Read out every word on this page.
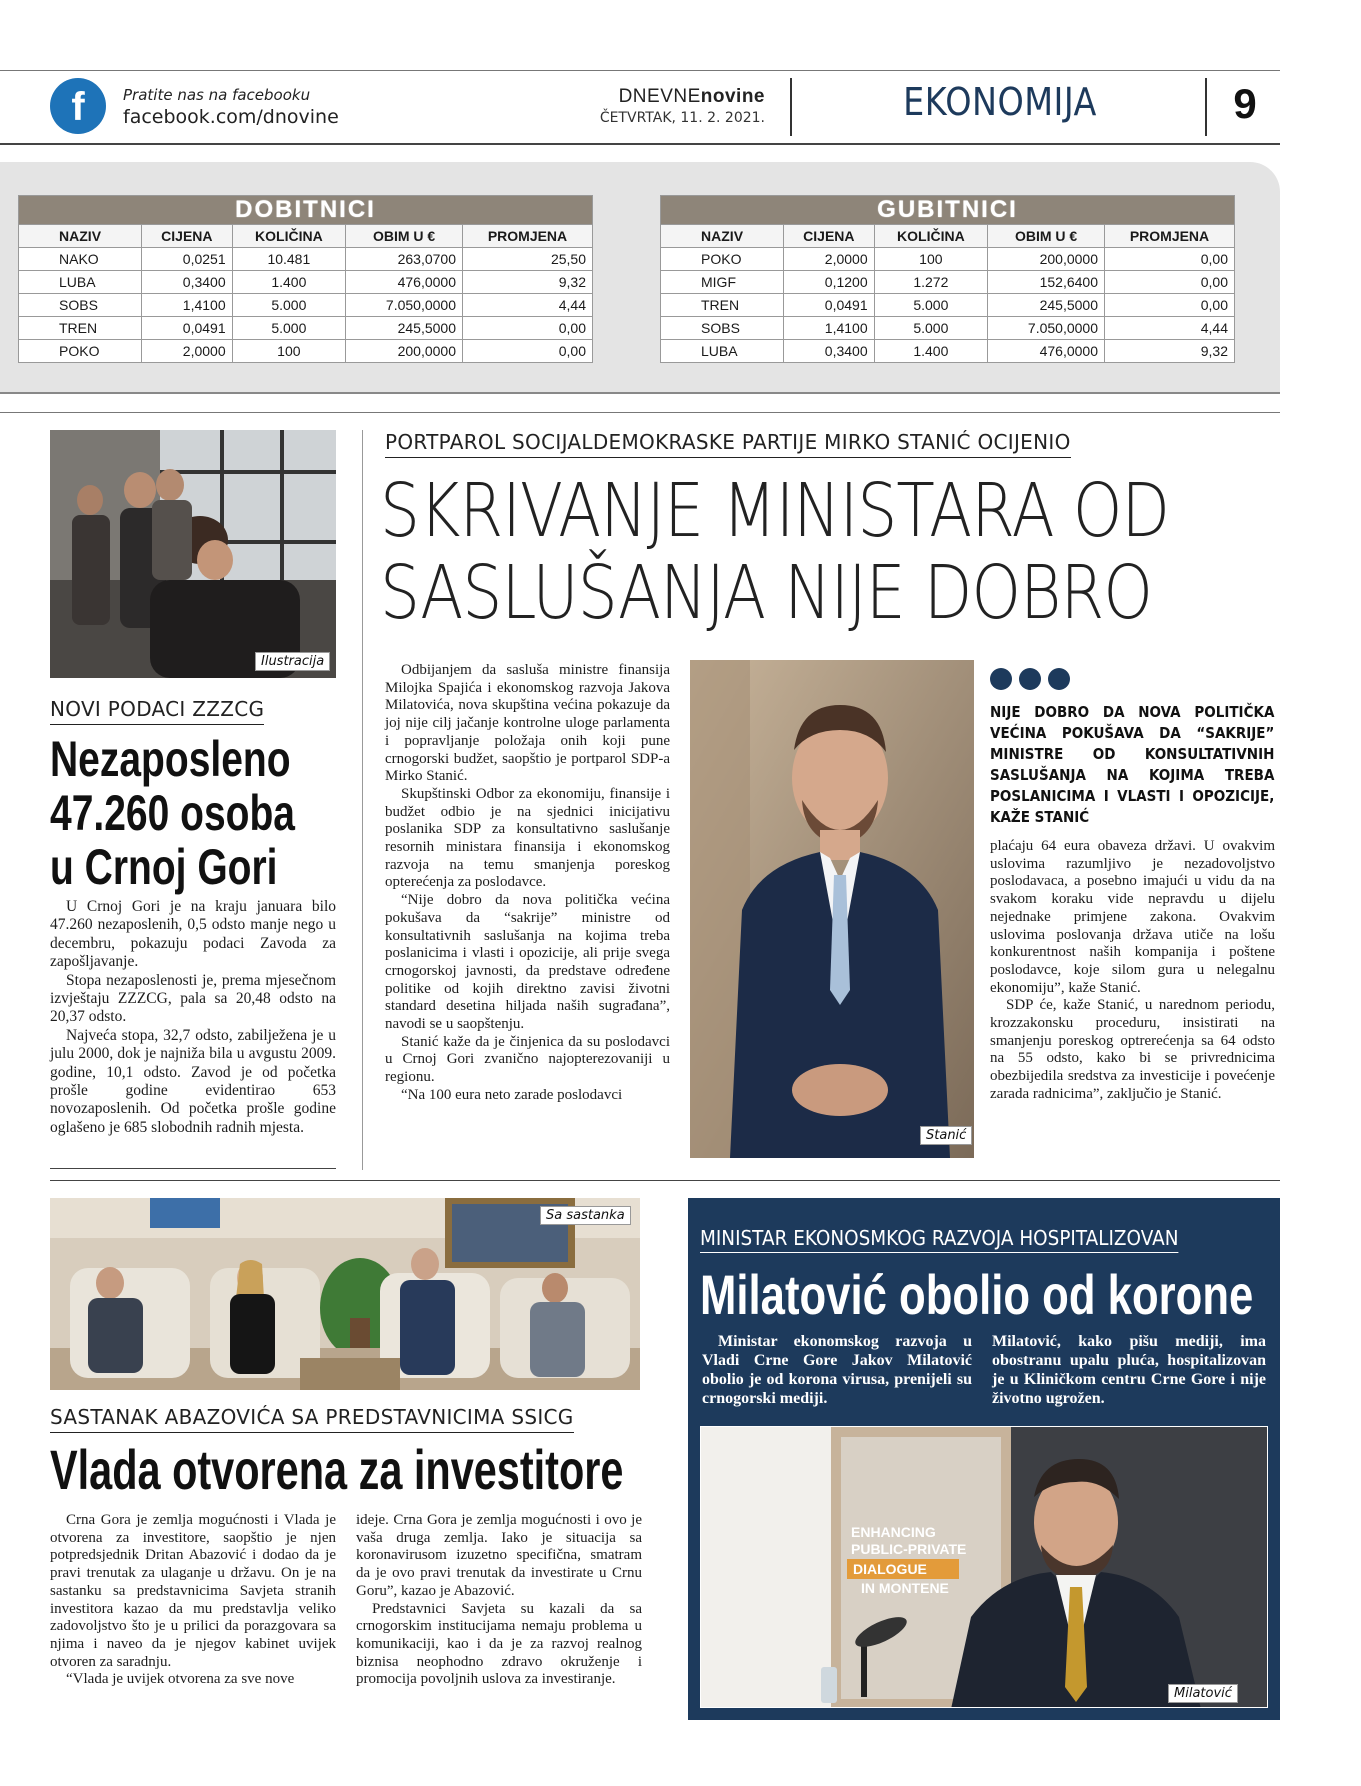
f	Pratite nas na facebooku
facebook.com/dnovine
DNEVNEnovine
ČETVRTAK, 11. 2. 2021.	EKONOMIJA	9
DOBITNICI				
NAZIV	CIJENA	KOLIČINA	OBIM U €	PROMJENA
NAKO	0,0251	10.481	263,0700	25,50
LUBA	0,3400	1.400	476,0000	9,32
SOBS	1,4100	5.000	7.050,0000	4,44
TREN	0,0491	5.000	245,5000	0,00
POKO	2,0000	100	200,0000	0,00
GUBITNICI				
NAZIV	CIJENA	KOLIČINA	OBIM U €	PROMJENA
POKO	2,0000	100	200,0000	0,00
MIGF	0,1200	1.272	152,6400	0,00
TREN	0,0491	5.000	245,5000	0,00
SOBS	1,4100	5.000	7.050,0000	4,44
LUBA	0,3400	1.400	476,0000	9,32
Ilustracija
NOVI PODACI ZZZCG
Nezaposleno
47.260 osoba
u Crnoj Gori

U Crnoj Gori je na kraju januara bilo 47.260 nezaposlenih, 0,5 odsto manje nego u decembru, pokazuju podaci Zavoda za zapošljavanje.

Stopa nezaposlenosti je, prema mjesečnom izvještaju ZZZCG, pala sa 20,48 odsto na 20,37 odsto.

Najveća stopa, 32,7 odsto, zabilježena je u julu 2000, dok je najniža bila u avgustu 2009. godine, 10,1 odsto. Zavod je od početka prošle godine evidentirao 653 novozaposlenih. Od početka prošle godine oglašeno je 685 slobodnih radnih mjesta.

PORTPAROL SOCIJALDEMOKRASKE PARTIJE MIRKO STANIĆ OCIJENIO
SKRIVANJE MINISTARA OD
SASLUŠANJA NIJE DOBRO

Odbijanjem da sasluša ministre finansija Milojka Spajića i ekonomskog razvoja Jakova Milatovića, nova skupština većina pokazuje da joj nije cilj jačanje kontrolne uloge parlamenta i popravljanje položaja onih koji pune crnogorski budžet, saopštio je portparol SDP-a Mirko Stanić.

Skupštinski Odbor za ekonomiju, finansije i budžet odbio je na sjednici inicijativu poslanika SDP za konsultativno saslušanje resornih ministara finansija i ekonomskog razvoja na temu smanjenja poreskog opterećenja za poslodavce.

“Nije dobro da nova politička većina pokušava da “sakrije” ministre od konsultativnih saslušanja na kojima treba poslanicima i vlasti i opozicije, ali prije svega crnogorskoj javnosti, da predstave određene politike od kojih direktno zavisi životni standard desetina hiljada naših sugrađana”, navodi se u saopštenju.

Stanić kaže da je činjenica da su poslodavci u Crnoj Gori zvanično najopterezovaniji u regionu.

“Na 100 eura neto zarade poslodavci

Stanić
NIJE DOBRO DA NOVA POLITIČKA VEĆINA POKUŠAVA DA “SAKRIJE” MINISTRE OD KONSULTATIVNIH SASLUŠANJA NA KOJIMA TREBA POSLANICIMA I VLASTI I OPOZICIJE, KAŽE STANIĆ

plaćaju 64 eura obaveza državi. U ovakvim uslovima razumljivo je nezadovoljstvo poslodavaca, a posebno imajući u vidu da na svakom koraku vide nepravdu u dijelu nejednake primjene zakona. Ovakvim uslovima poslovanja država utiče na lošu konkurentnost naših kompanija i poštene poslodavce, koje silom gura u nelegalnu ekonomiju”, kaže Stanić.

SDP će, kaže Stanić, u narednom periodu, krozzakonsku proceduru, insistirati na smanjenju poreskog optrerećenja sa 64 odsto na 55 odsto, kako bi se privrednicima obezbijedila sredstva za investicije i povećenje zarada radnicima”, zaključio je Stanić.

Sa sastanka
SASTANAK ABAZOVIĆA SA PREDSTAVNICIMA SSICG
Vlada otvorena za investitore

Crna Gora je zemlja mogućnosti i Vlada je otvorena za investitore, saopštio je njen potpredsjednik Dritan Abazović i dodao da je pravi trenutak za ulaganje u državu. On je na sastanku sa predstavnicima Savjeta stranih investitora kazao da mu predstavlja veliko zadovoljstvo što je u prilici da porazgovara sa njima i naveo da je njegov kabinet uvijek otvoren za saradnju.

“Vlada je uvijek otvorena za sve nove

ideje. Crna Gora je zemlja mogućnosti i ovo je vaša druga zemlja. Iako je situacija sa koronavirusom izuzetno specifična, smatram da je ovo pravi trenutak da investirate u Crnu Goru”, kazao je Abazović.

Predstavnici Savjeta su kazali da sa crnogorskim institucijama nemaju problema u komunikaciji, kao i da je za razvoj realnog biznisa neophodno zdravo okruženje i promocija povoljnih uslova za investiranje.

MINISTAR EKONOSMKOG RAZVOJA HOSPITALIZOVAN
Milatović obolio od korone
Ministar ekonomskog razvoja u Vladi Crne Gore Jakov Milatović obolio je od korona virusa, prenijeli su crnogorski mediji.
Milatović, kako pišu mediji, ima obostranu upalu pluća, hospitalizovan je u Kliničkom centru Crne Gore i nije životno ugrožen.
ENHANCING
PUBLIC-PRIVATE
DIALOGUE
IN MONTENE
Milatović
